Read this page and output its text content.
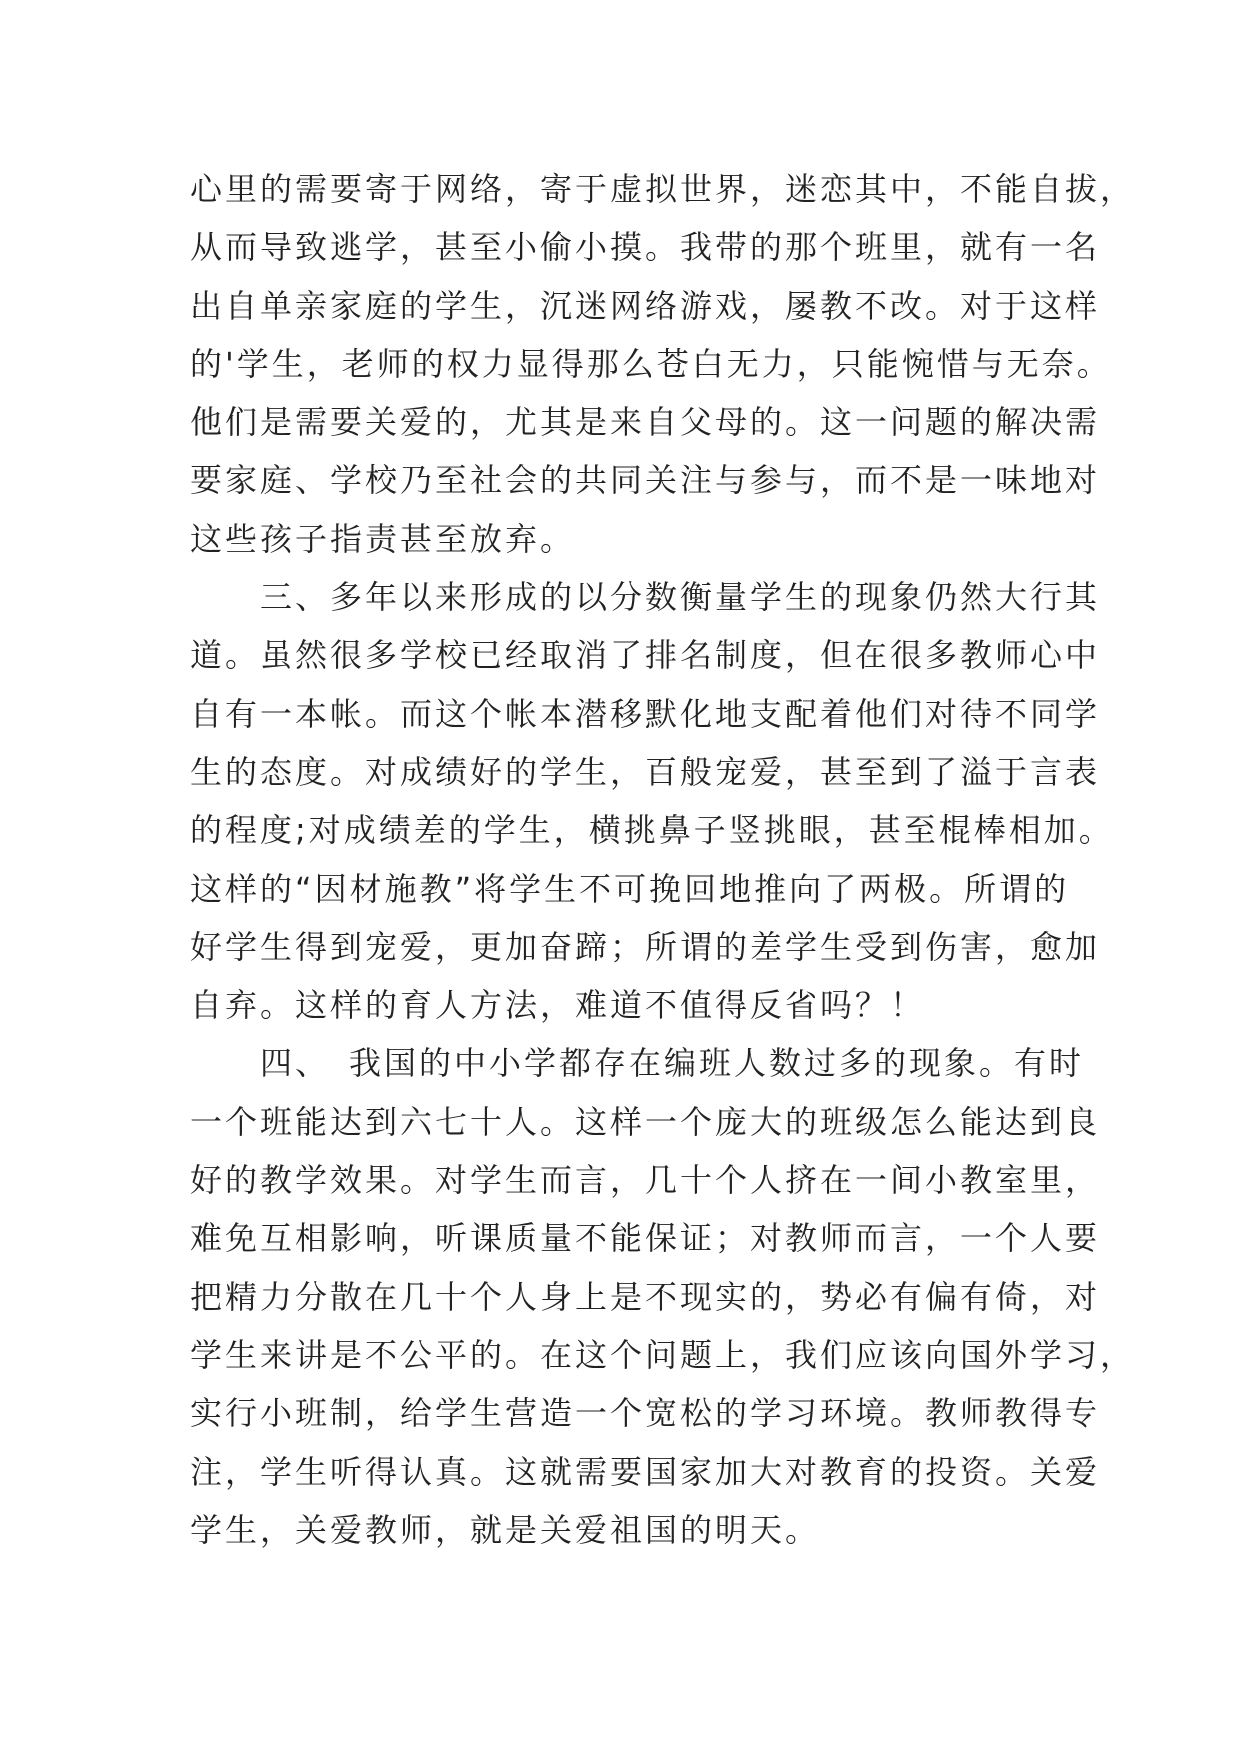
心里的需要寄于网络，寄于虚拟世界，迷恋其中，不能自拔，
从而导致逃学，甚至小偷小摸。我带的那个班里，就有一名
出自单亲家庭的学生，沉迷网络游戏，屡教不改。对于这样
的'学生，老师的权力显得那么苍白无力，只能惋惜与无奈。
他们是需要关爱的，尤其是来自父母的。这一问题的解决需
要家庭、学校乃至社会的共同关注与参与，而不是一味地对
这些孩子指责甚至放弃。
　　三、多年以来形成的以分数衡量学生的现象仍然大行其
道。虽然很多学校已经取消了排名制度，但在很多教师心中
自有一本帐。而这个帐本潜移默化地支配着他们对待不同学
生的态度。对成绩好的学生，百般宠爱，甚至到了溢于言表
的程度;对成绩差的学生，横挑鼻子竖挑眼，甚至棍棒相加。
这样的“因材施教”将学生不可挽回地推向了两极。所谓的
好学生得到宠爱，更加奋蹄；所谓的差学生受到伤害，愈加
自弃。这样的育人方法，难道不值得反省吗？！
　　四、　我国的中小学都存在编班人数过多的现象。有时
一个班能达到六七十人。这样一个庞大的班级怎么能达到良
好的教学效果。对学生而言，几十个人挤在一间小教室里，
难免互相影响，听课质量不能保证；对教师而言，一个人要
把精力分散在几十个人身上是不现实的，势必有偏有倚，对
学生来讲是不公平的。在这个问题上，我们应该向国外学习，
实行小班制，给学生营造一个宽松的学习环境。教师教得专
注，学生听得认真。这就需要国家加大对教育的投资。关爱
学生，关爱教师，就是关爱祖国的明天。
